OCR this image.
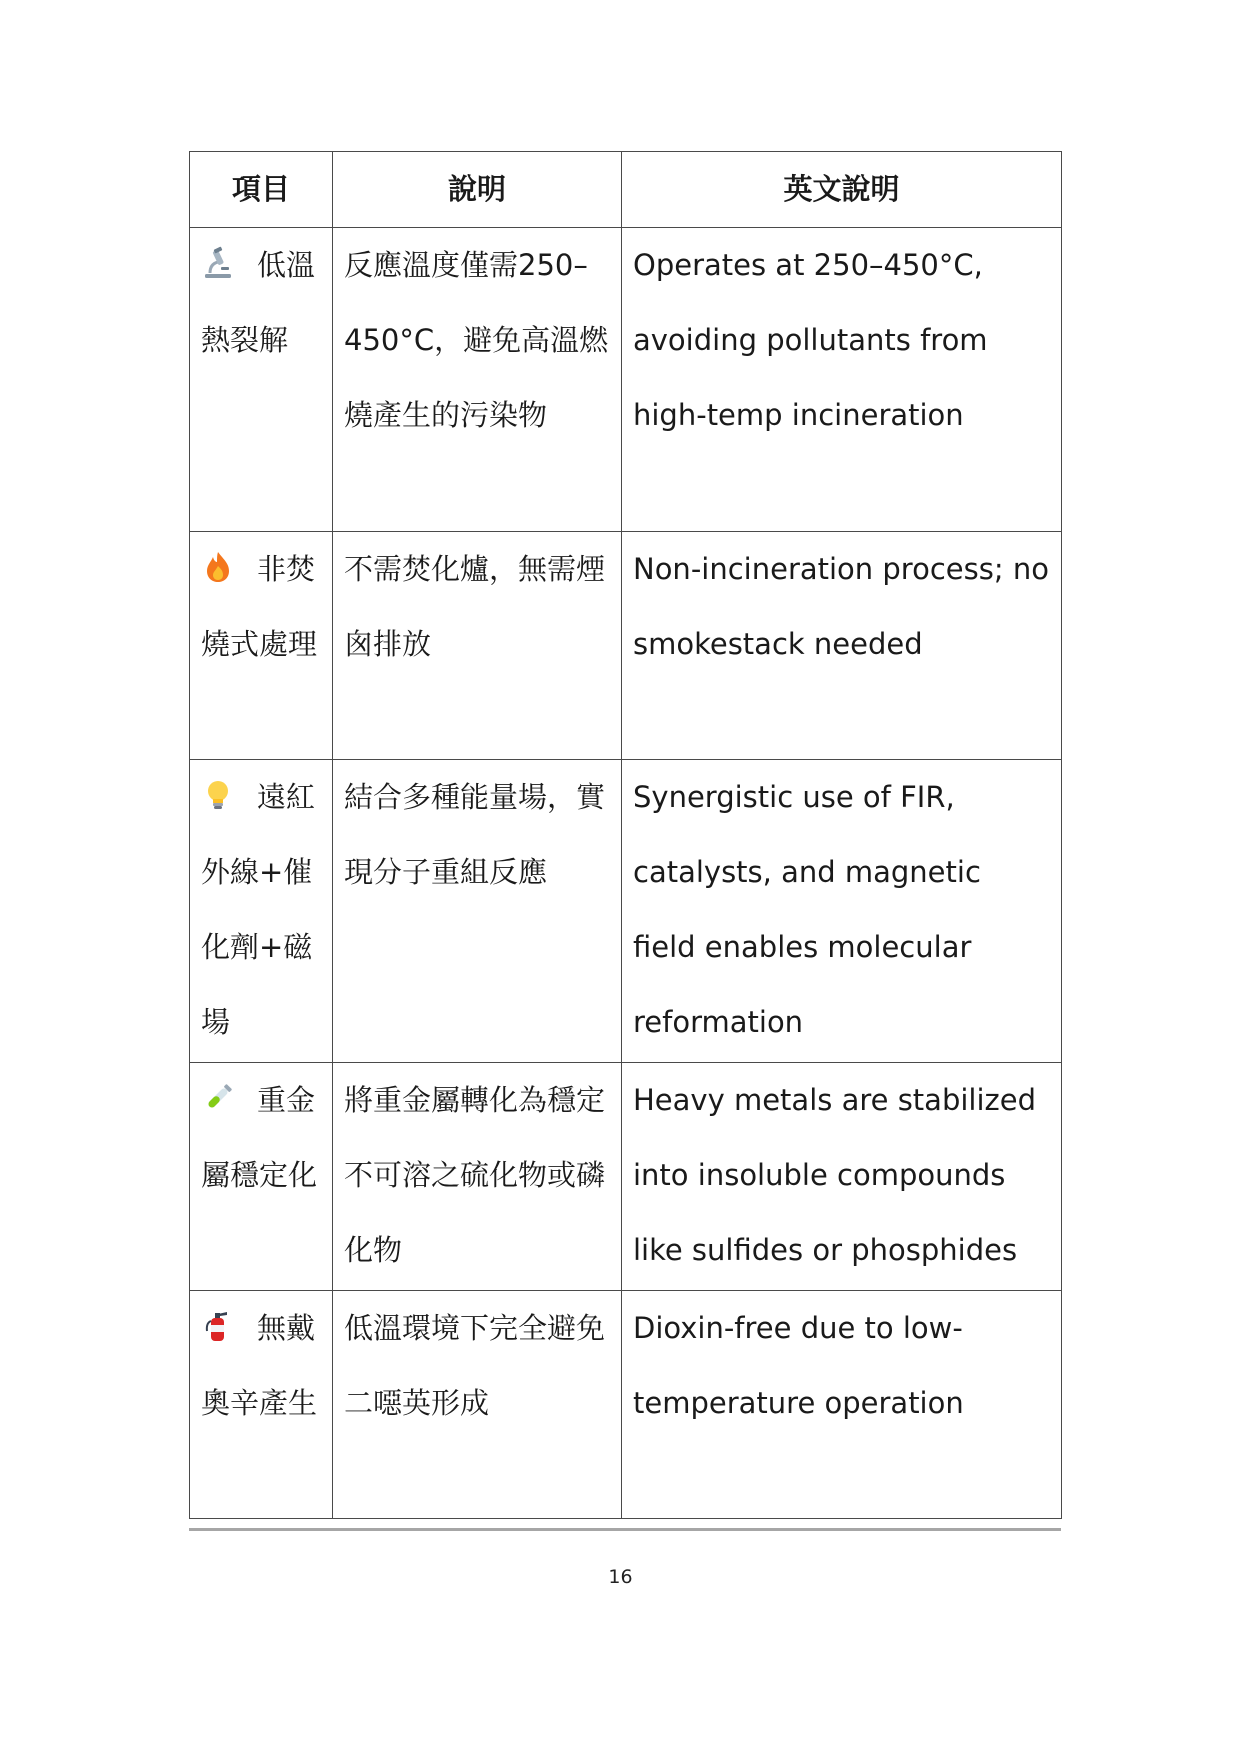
項目	說明	英文說明

低溫熱裂解	反應溫度僅需250–450°C，避免高溫燃燒產生的污染物	Operates at 250–450°C, avoiding pollutants from high-temp incineration

非焚燒式處理	不需焚化爐，無需煙囪排放	Non-incineration process; no smokestack needed

遠紅外線+催化劑+磁場	結合多種能量場，實現分子重組反應	Synergistic use of FIR, catalysts, and magnetic field enables molecular reformation

重金屬穩定化	將重金屬轉化為穩定不可溶之硫化物或磷化物	Heavy metals are stabilized into insoluble compounds like sulfides or phosphides

無戴奧辛產生	低溫環境下完全避免二噁英形成	Dioxin-free due to low-temperature operation
16
